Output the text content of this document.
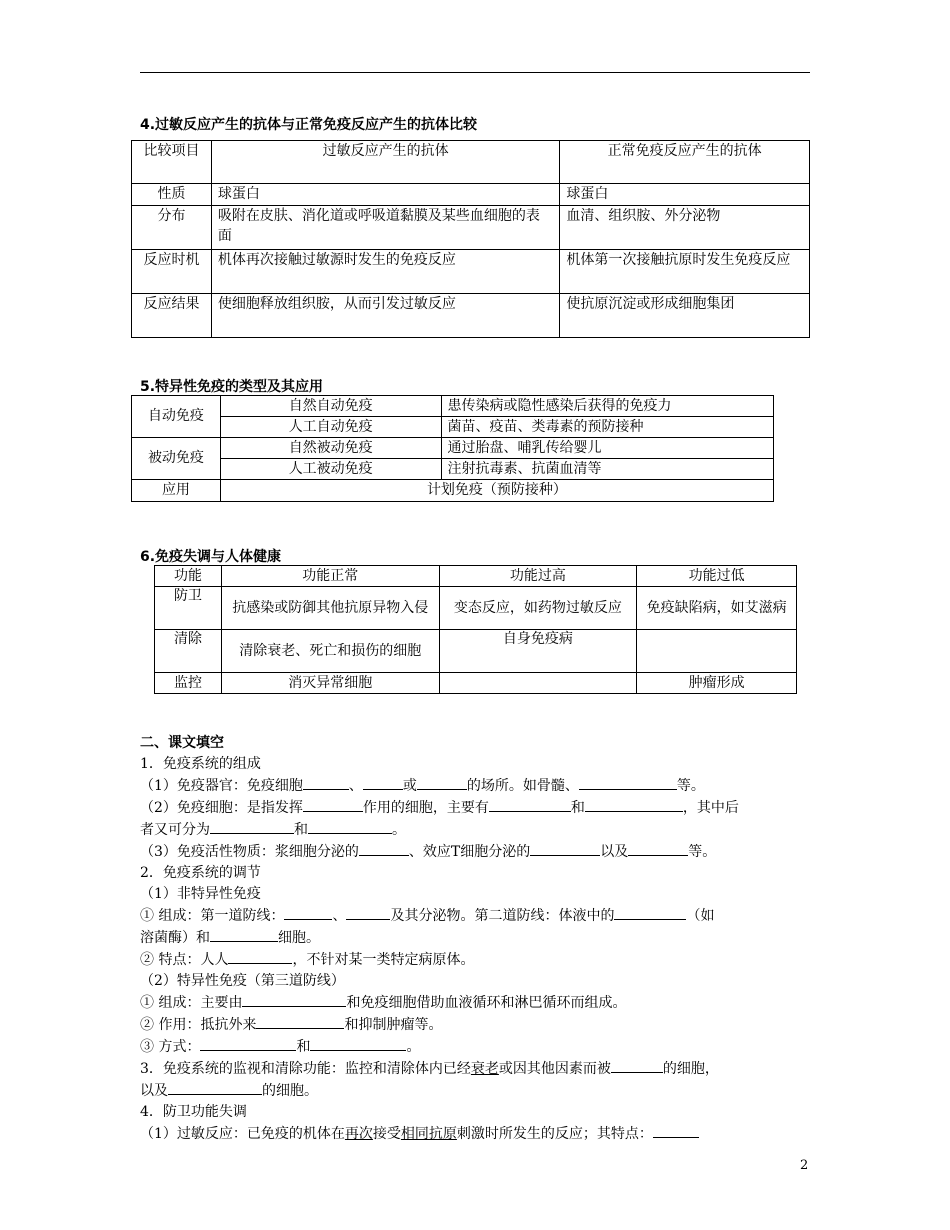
4.过敏反应产生的抗体与正常免疫反应产生的抗体比较
比较项目	过敏反应产生的抗体	正常免疫反应产生的抗体
性质	球蛋白	球蛋白
分布	吸附在皮肤、消化道或呼吸道黏膜及某些血细胞的表面	血清、组织胺、外分泌物
反应时机	机体再次接触过敏源时发生的免疫反应	机体第一次接触抗原时发生免疫反应
反应结果	使细胞释放组织胺，从而引发过敏反应	使抗原沉淀或形成细胞集团
5.特异性免疫的类型及其应用
自动免疫	自然自动免疫	患传染病或隐性感染后获得的免疫力
	人工自动免疫	菌苗、疫苗、类毒素的预防接种
被动免疫	自然被动免疫	通过胎盘、哺乳传给婴儿
	人工被动免疫	注射抗毒素、抗菌血清等
应用	计划免疫（预防接种）	
6.免疫失调与人体健康
功能	功能正常	功能过高	功能过低
防卫	抗感染或防御其他抗原异物入侵	变态反应，如药物过敏反应	免疫缺陷病，如艾滋病
清除	清除衰老、死亡和损伤的细胞	自身免疫病	
监控	消灭异常细胞		肿瘤形成
二、课文填空
1．免疫系统的组成
（1）免疫器官：免疫细胞	、	或	的场所。如骨髓、	等。
（2）免疫细胞：是指发挥	作用的细胞，主要有	和	，其中后
者又可分为	和	。
（3）免疫活性物质：浆细胞分泌的	、效应T细胞分泌的	以及	等。
2．免疫系统的调节
（1）非特异性免疫
① 组成：第一道防线：	、	及其分泌物。第二道防线：体液中的	（如
溶菌酶）和	细胞。
② 特点：人人	，不针对某一类特定病原体。
（2）特异性免疫（第三道防线）
① 组成：主要由	和免疫细胞借助血液循环和淋巴循环而组成。
② 作用：抵抗外来	和抑制肿瘤等。
③ 方式：	和	。
3．免疫系统的监视和清除功能：监控和清除体内已经衰老或因其他因素而被	的细胞，
以及	的细胞。
4．防卫功能失调
（1）过敏反应：已免疫的机体在再次接受相同抗原刺激时所发生的反应；其特点：
2
